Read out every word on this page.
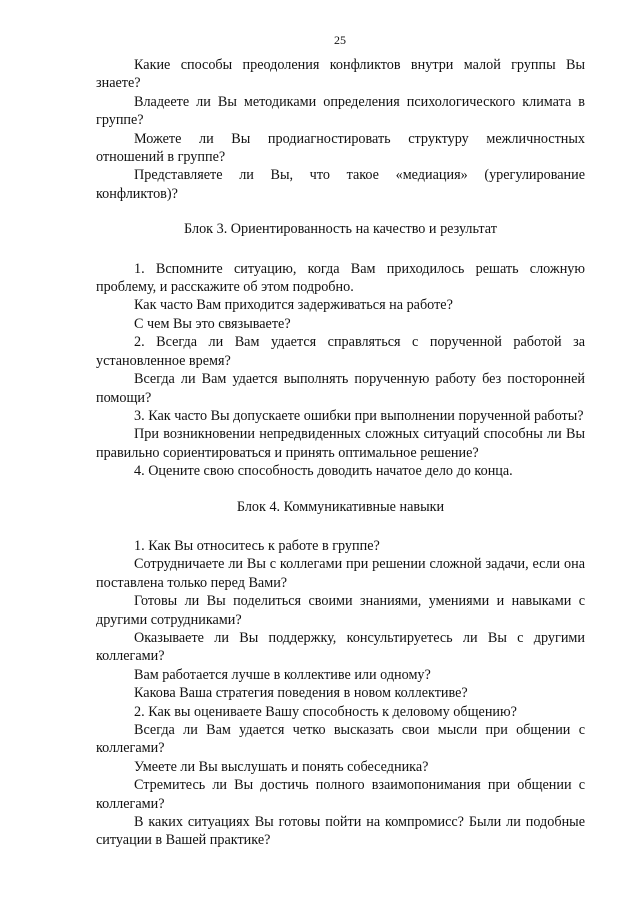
25

Какие способы преодоления конфликтов внутри малой группы Вы знаете?

Владеете ли Вы методиками определения психологического климата в группе?

Можете ли Вы продиагностировать структуру межличностных отношений в группе?

Представляете ли Вы, что такое «медиация» (урегулирование конфликтов)?

Блок 3. Ориентированность на качество и результат

1. Вспомните ситуацию, когда Вам приходилось решать сложную проблему, и расскажите об этом подробно.

Как часто Вам приходится задерживаться на работе?

С чем Вы это связываете?

2. Всегда ли Вам удается справляться с порученной работой за установленное время?

Всегда ли Вам удается выполнять порученную работу без посторонней помощи?

3. Как часто Вы допускаете ошибки при выполнении порученной работы?

При возникновении непредвиденных сложных ситуаций способны ли Вы правильно сориентироваться и принять оптимальное решение?

4. Оцените свою способность доводить начатое дело до конца.

Блок 4. Коммуникативные навыки

1. Как Вы относитесь к работе в группе?

Сотрудничаете ли Вы с коллегами при решении сложной задачи, если она поставлена только перед Вами?

Готовы ли Вы поделиться своими знаниями, умениями и навыками с другими сотрудниками?

Оказываете ли Вы поддержку, консультируетесь ли Вы с другими коллегами?

Вам работается лучше в коллективе или одному?

Какова Ваша стратегия поведения в новом коллективе?

2. Как вы оцениваете Вашу способность к деловому общению?

Всегда ли Вам удается четко высказать свои мысли при общении с коллегами?

Умеете ли Вы выслушать и понять собеседника?

Стремитесь ли Вы достичь полного взаимопонимания при общении с коллегами?

В каких ситуациях Вы готовы пойти на компромисс? Были ли подобные ситуации в Вашей практике?
